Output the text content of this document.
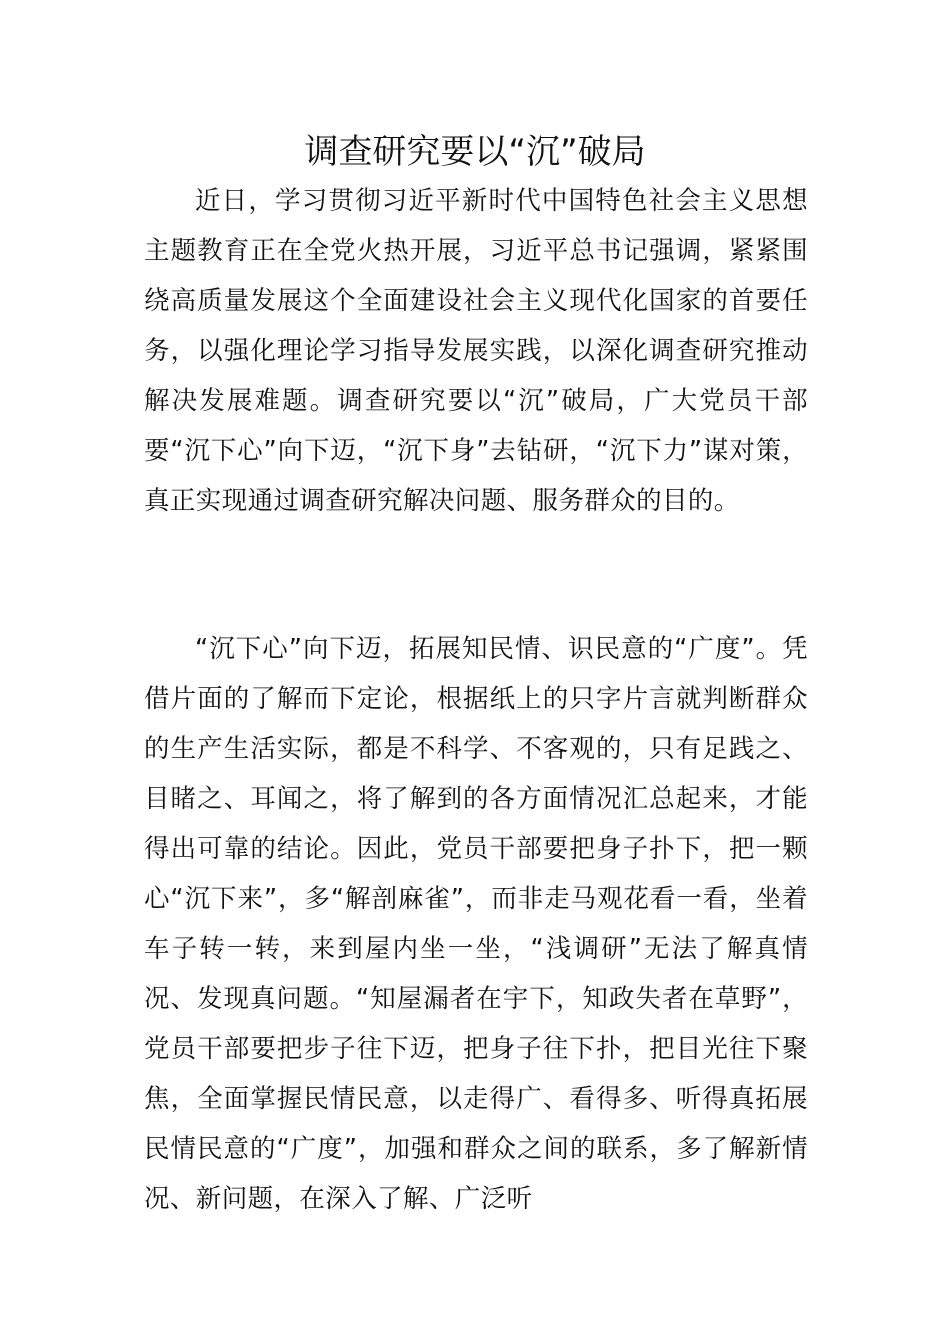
调查研究要以“沉”破局

近日，学习贯彻习近平新时代中国特色社会主义思想主题教育正在全党火热开展，习近平总书记强调，紧紧围绕高质量发展这个全面建设社会主义现代化国家的首要任务，以强化理论学习指导发展实践，以深化调查研究推动解决发展难题。调查研究要以“沉”破局，广大党员干部要“沉下心”向下迈，“沉下身”去钻研，“沉下力”谋对策，真正实现通过调查研究解决问题、服务群众的目的。

“沉下心”向下迈，拓展知民情、识民意的“广度”。凭借片面的了解而下定论，根据纸上的只字片言就判断群众的生产生活实际，都是不科学、不客观的，只有足践之、目睹之、耳闻之，将了解到的各方面情况汇总起来，才能得出可靠的结论。因此，党员干部要把身子扑下，把一颗心“沉下来”，多“解剖麻雀”，而非走马观花看一看，坐着车子转一转，来到屋内坐一坐，“浅调研”无法了解真情况、发现真问题。“知屋漏者在宇下，知政失者在草野”，党员干部要把步子往下迈，把身子往下扑，把目光往下聚焦，全面掌握民情民意，以走得广、看得多、听得真拓展民情民意的“广度”，加强和群众之间的联系，多了解新情况、新问题，在深入了解、广泛听
